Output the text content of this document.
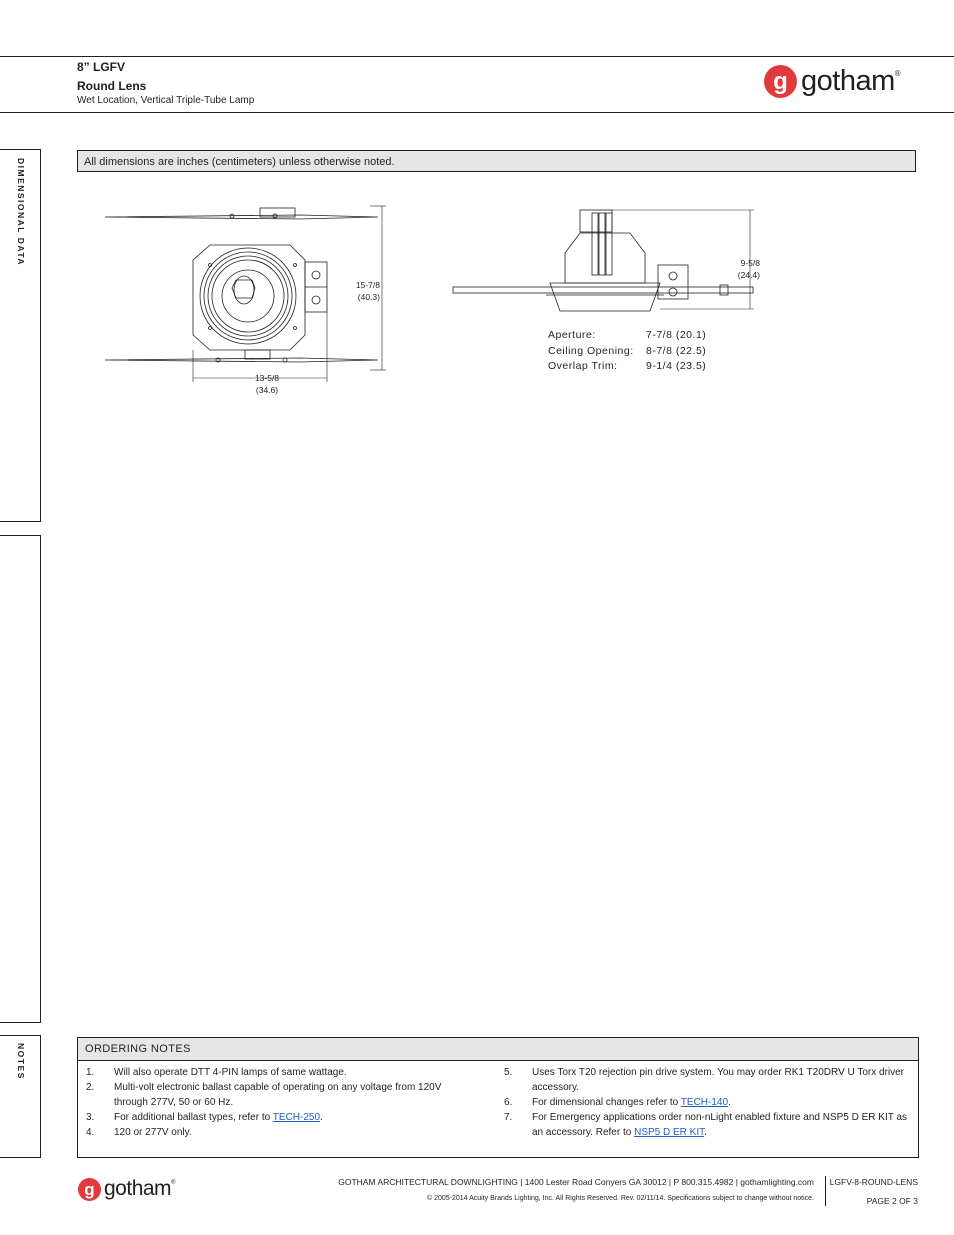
8” LGFV
Round Lens
Wet Location, Vertical Triple-Tube Lamp
g gotham ®
DIMENSIONAL DATA
NOTES
All dimensions are inches (centimeters) unless otherwise noted.
15-7/8
(40.3)
13-5/8
(34.6)
9-5/8
(24.4)
Aperture:	7-7/8 (20.1)
Ceiling Opening:	8-7/8 (22.5)
Overlap Trim:	9-1/4 (23.5)
ORDERING NOTES
1.	Will also operate DTT 4-PIN lamps of same wattage.
2.	Multi-volt electronic ballast capable of operating on any voltage from 120V through 277V, 50 or 60 Hz.
3.	For additional ballast types, refer to TECH-250.
4.	120 or 277V only.
5.	Uses Torx T20 rejection pin drive system. You may order RK1 T20DRV U Torx driver accessory.
6.	For dimensional changes refer to TECH-140.
7.	For Emergency applications order non-nLight enabled fixture and NSP5 D ER KIT as an accessory. Refer to NSP5 D ER KIT.
g gotham ®	GOTHAM ARCHITECTURAL DOWNLIGHTING | 1400 Lester Road Conyers GA 30012 | P 800.315.4982 | gothamlighting.com
© 2005-2014 Acuity Brands Lighting, Inc. All Rights Reserved. Rev. 02/11/14. Specifications subject to change without notice.
LGFV-8-ROUND-LENS
PAGE 2 OF 3
